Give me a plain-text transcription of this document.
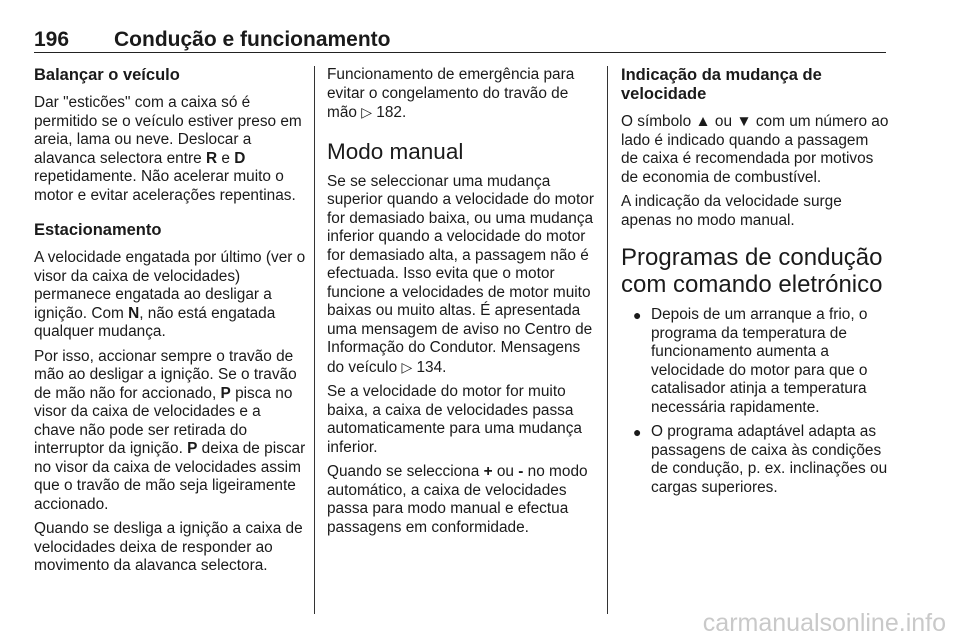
196 Condução e funcionamento
Balançar o veículo

Dar "esticões" com a caixa só é permitido se o veículo estiver preso em areia, lama ou neve. Deslocar a alavanca selectora entre R e D repetidamente. Não acelerar muito o motor e evitar acelerações repentinas.

Estacionamento

A velocidade engatada por último (ver o visor da caixa de velocidades) permanece engatada ao desligar a ignição. Com N, não está engatada qualquer mudança.

Por isso, accionar sempre o travão de mão ao desligar a ignição. Se o travão de mão não for accionado, P pisca no visor da caixa de velocidades e a chave não pode ser retirada do interruptor da ignição. P deixa de piscar no visor da caixa de velocidades assim que o travão de mão seja ligeiramente accionado.

Quando se desliga a ignição a caixa de velocidades deixa de responder ao movimento da alavanca selectora.

Funcionamento de emergência para evitar o congelamento do travão de mão ▷ 182.

Modo manual

Se se seleccionar uma mudança superior quando a velocidade do motor for demasiado baixa, ou uma mudança inferior quando a velocidade do motor for demasiado alta, a passagem não é efectuada. Isso evita que o motor funcione a velocidades de motor muito baixas ou muito altas. É apresentada uma mensagem de aviso no Centro de Informação do Condutor. Mensagens do veículo ▷ 134.

Se a velocidade do motor for muito baixa, a caixa de velocidades passa automaticamente para uma mudança inferior.

Quando se selecciona + ou - no modo automático, a caixa de velocidades passa para modo manual e efectua passagens em conformidade.

Indicação da mudança de velocidade

O símbolo ▲ ou ▼ com um número ao lado é indicado quando a passagem de caixa é recomendada por motivos de economia de combustível.

A indicação da velocidade surge apenas no modo manual.

Programas de condução com comando eletrónico
● Depois de um arranque a frio, o programa da temperatura de funcionamento aumenta a velocidade do motor para que o catalisador atinja a temperatura necessária rapidamente.
● O programa adaptável adapta as passagens de caixa às condições de condução, p. ex. inclinações ou cargas superiores.
carmanualsonline.info
